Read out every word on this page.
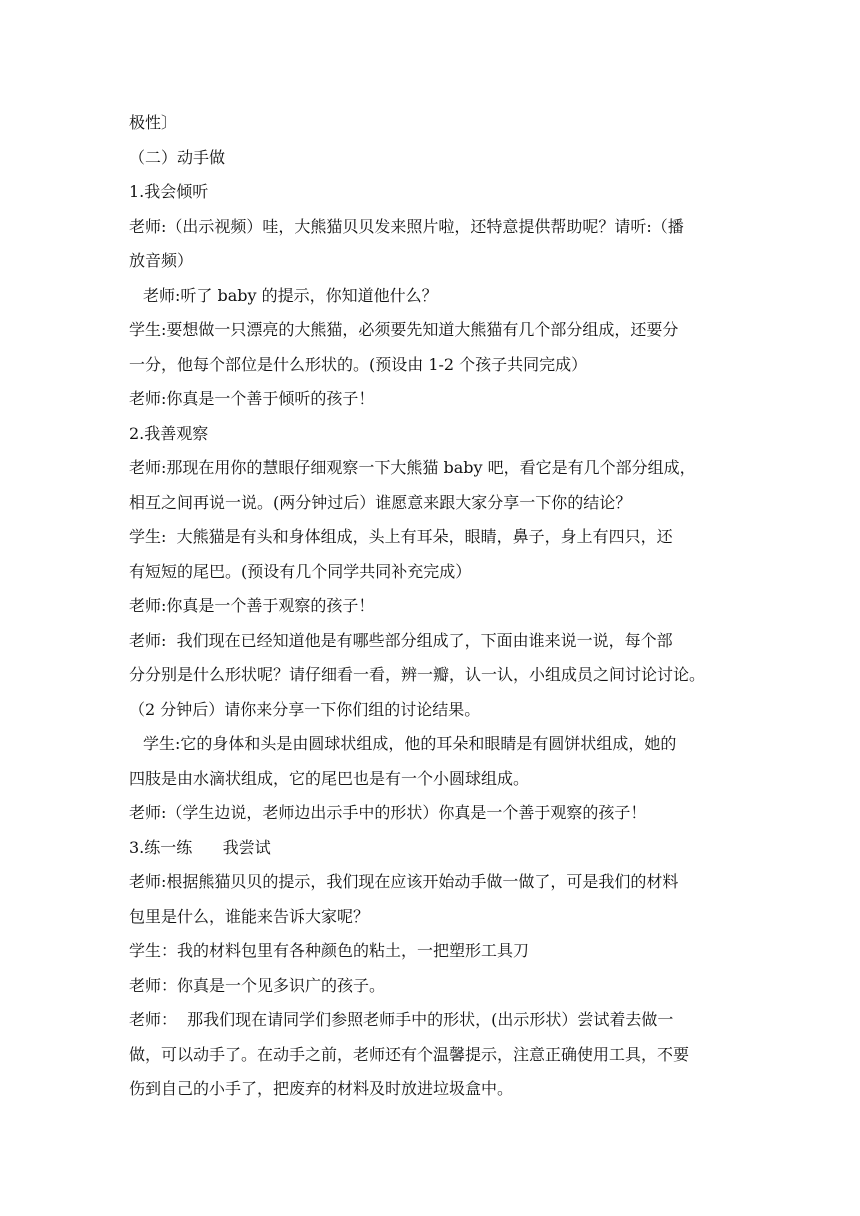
极性〕

（二）动手做

1.我会倾听

老师:（出示视频）哇，大熊猫贝贝发来照片啦，还特意提供帮助呢？请听:（播

放音频）

老师:听了 baby 的提示，你知道他什么？

学生:要想做一只漂亮的大熊猫，必须要先知道大熊猫有几个部分组成，还要分

一分，他每个部位是什么形状的。(预设由 1-2 个孩子共同完成）

老师:你真是一个善于倾听的孩子！

2.我善观察

老师:那现在用你的慧眼仔细观察一下大熊猫 baby 吧，看它是有几个部分组成，

相互之间再说一说。(两分钟过后）谁愿意来跟大家分享一下你的结论？

学生:  大熊猫是有头和身体组成，头上有耳朵，眼睛，鼻子，身上有四只，还

有短短的尾巴。(预设有几个同学共同补充完成）

老师:你真是一个善于观察的孩子！

老师:  我们现在已经知道他是有哪些部分组成了，下面由谁来说一说，每个部

分分别是什么形状呢？请仔细看一看，辨一瓣，认一认，小组成员之间讨论讨论。

（2 分钟后）请你来分享一下你们组的讨论结果。

学生:它的身体和头是由圆球状组成，他的耳朵和眼睛是有圆饼状组成，她的

四肢是由水滴状组成，它的尾巴也是有一个小圆球组成。

老师:（学生边说，老师边出示手中的形状）你真是一个善于观察的孩子！

3.练一练      我尝试

老师:根据熊猫贝贝的提示，我们现在应该开始动手做一做了，可是我们的材料

包里是什么，谁能来告诉大家呢？

学生：我的材料包里有各种颜色的粘土，一把塑形工具刀

老师：你真是一个见多识广的孩子。

老师：  那我们现在请同学们参照老师手中的形状，(出示形状）尝试着去做一

做，可以动手了。在动手之前，老师还有个温馨提示，注意正确使用工具，不要

伤到自己的小手了，把废弃的材料及时放进垃圾盒中。
